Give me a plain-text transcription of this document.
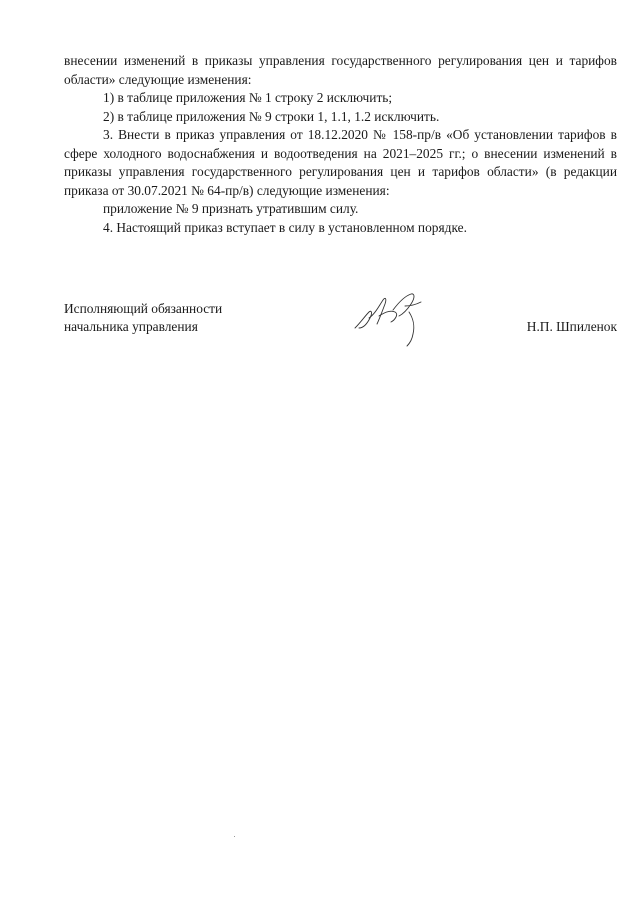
внесении изменений в приказы управления государственного регулирования цен и тарифов области» следующие изменения:

1) в таблице приложения № 1 строку 2 исключить;

2) в таблице приложения № 9 строки 1, 1.1, 1.2 исключить.

3. Внести в приказ управления от 18.12.2020 № 158-пр/в «Об установлении тарифов в сфере холодного водоснабжения и водоотведения на 2021–2025 гг.; о внесении изменений в приказы управления государственного регулирования цен и тарифов области» (в редакции приказа от 30.07.2021 № 64-пр/в) следующие изменения:

приложение № 9 признать утратившим силу.

4. Настоящий приказ вступает в силу в установленном порядке.

Исполняющий обязанности
начальника управления	Н.П. Шпиленок
